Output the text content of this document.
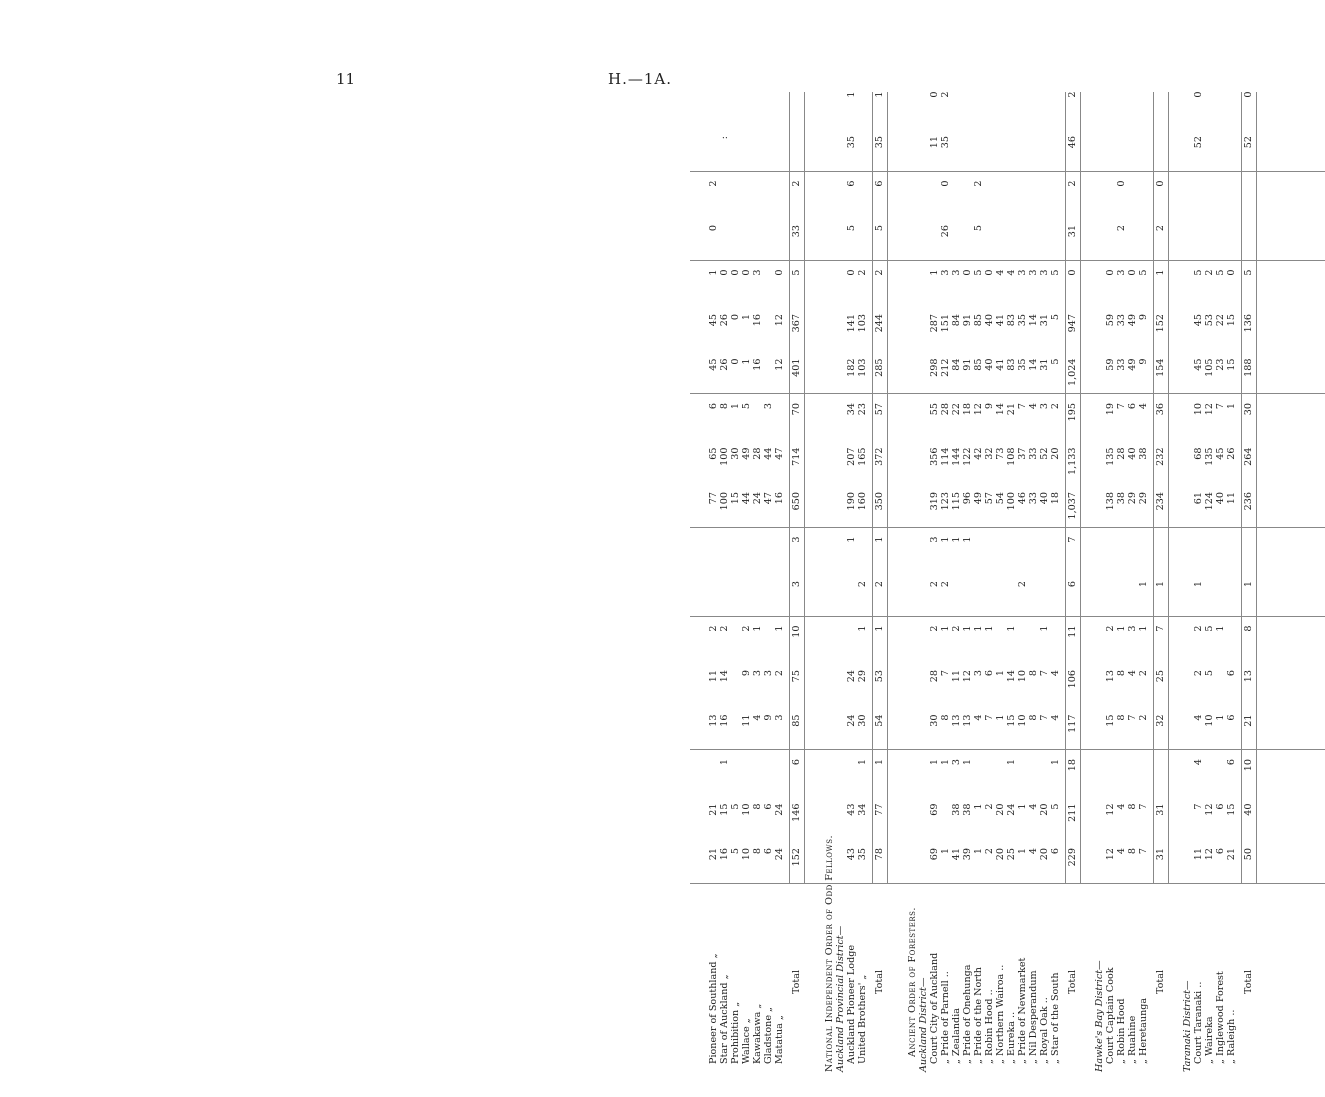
11	H.—1A.
Pioneer of Southland „ Star of Auckland „ Prohibition „ Wallace „ Kawakawa „ Gladstone „ Matatua „
Total National Independent Order of Odd Fellows. Auckland Provincial District— Auckland Pioneer Lodge United Brothers' „ Total Ancient Order of Foresters. Auckland District— Court City of Auckland „ Pride of Parnell .. „ Zealandia „ Pride of Onehunga „ Pride of the North „ Robin Hood .. „ Northern Wairoa .. „ Eureka .. „ Pride of Newmarket „ Nil Desperandum „ Royal Oak .. „ Star of the South Total Hawke's Bay District— Court Captain Cook „ Robin Hood „ Ruahine „ Heretaunga
Total Taranaki District— Court Taranaki .. „ Waireka „ Inglewood Forest „ Raleigh ..
Total
21
21
13
11
2
77
65
6
45
45
1
0
2
16
15
1
16
14
2
100
100
8
26
26
0
:
5
5
15
30
1
0
0
0
10
10
11
9
2
44
49
5
1
1
0
8
8
4
3
1
24
28
16
16
3
6
6
9
3
47
44
3
24
24
3
2
1
16
47
12
12
0
152
146
6
85
75
10
3
3
650
714
70
401
367
5
33
2
43
43
24
24
1
190
207
34
182
141
0
5
6
35
1
35
34
1
30
29
1
2
160
165
23
103
103
2
78
77
1
54
53
1
2
1
350
372
57
285
244
2
5
6
35
1
69
69
1
30
28
2
2
3
319
356
55
298
287
1
11
0
1
1
8
7
1
2
1
123
114
28
212
151
3
26
0
35
2
41
38
3
13
11
2
1
115
144
22
84
84
3
39
38
1
13
12
1
1
96
122
18
91
91
0
1
1
4
3
1
49
42
12
85
85
5
5
2
2
2
7
6
1
57
32
9
40
40
0
20
20
1
1
54
73
14
41
41
4
25
24
1
15
14
1
100
108
21
83
83
4
1
1
10
10
2
46
37
7
35
35
3
4
4
8
8
33
33
4
14
14
3
20
20
7
7
1
40
52
3
31
31
3
6
5
1
4
4
18
20
2
5
5
5
229
211
18
117
106
11
6
7
1,037
1,133
195
1,024
947
0
31
2
46
2
12
12
15
13
2
138
135
19
59
59
0
4
4
8
8
1
38
28
7
33
33
3
2
0
8
8
7
4
3
29
40
6
49
49
0
7
7
2
2
1
1
29
38
4
9
9
5
31
31
32
25
7
1
234
232
36
154
152
1
2
0
11
7
4
4
2
2
1
61
68
10
45
45
5
52
0
12
12
10
5
5
124
135
12
105
53
2
6
6
1
1
40
45
7
23
22
5
21
15
6
6
6
11
26
1
15
15
0
50
40
10
21
13
8
1
236
264
30
188
136
5
52
0
